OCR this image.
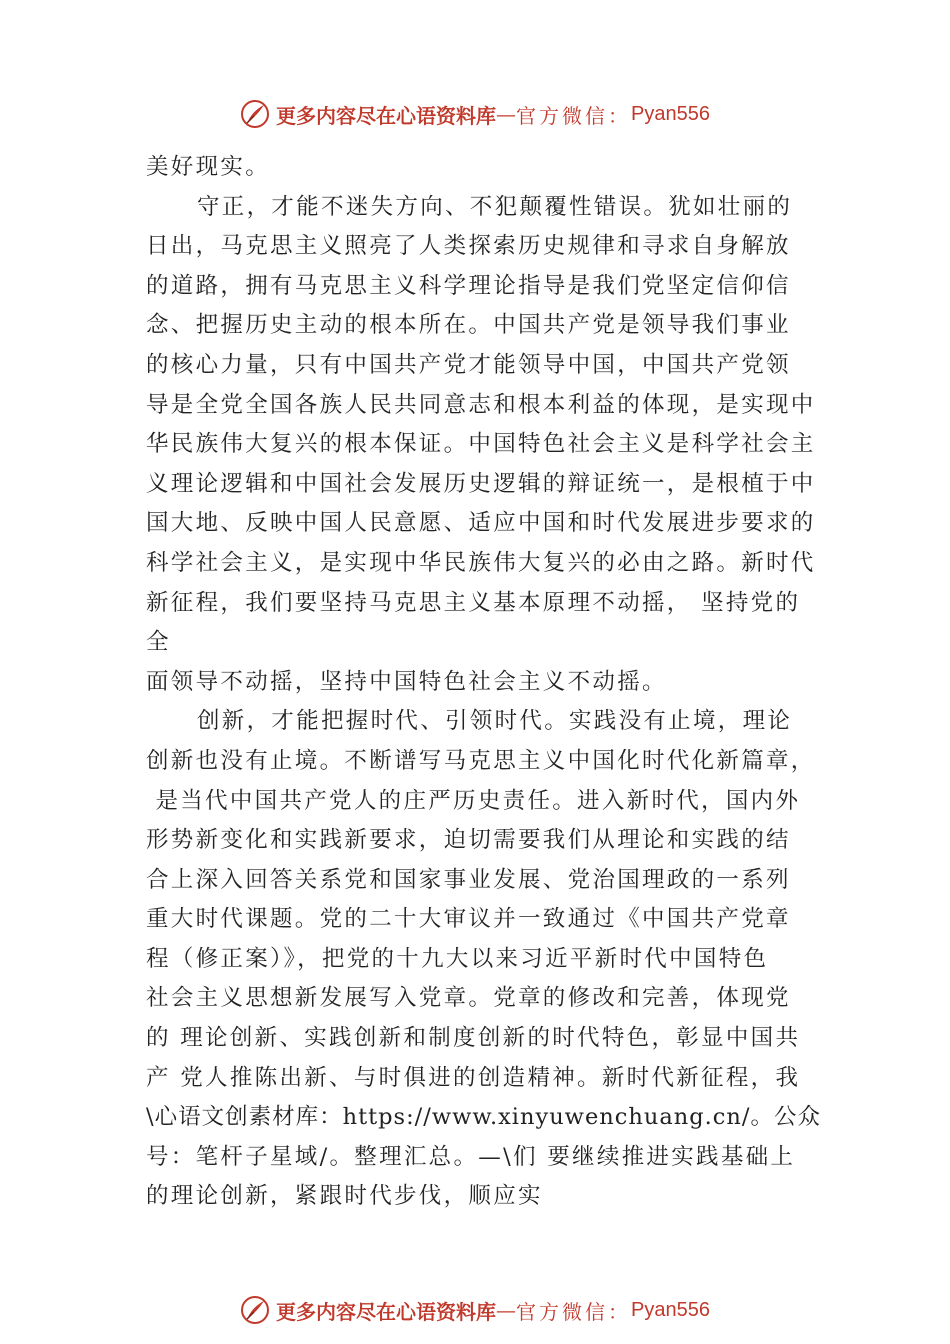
更多内容尽在心语资料库 — 官方微信： Pyan556

美好现实。

守正，才能不迷失方向、不犯颠覆性错误。犹如壮丽的

日出，马克思主义照亮了人类探索历史规律和寻求自身解放

的道路，拥有马克思主义科学理论指导是我们党坚定信仰信

念、把握历史主动的根本所在。中国共产党是领导我们事业

的核心力量，只有中国共产党才能领导中国，中国共产党领

导是全党全国各族人民共同意志和根本利益的体现，是实现中

华民族伟大复兴的根本保证。中国特色社会主义是科学社会主

义理论逻辑和中国社会发展历史逻辑的辩证统一，是根植于中

国大地、反映中国人民意愿、适应中国和时代发展进步要求的

科学社会主义，是实现中华民族伟大复兴的必由之路。新时代

新征程，我们要坚持马克思主义基本原理不动摇， 坚持党的全

面领导不动摇，坚持中国特色社会主义不动摇。

创新，才能把握时代、引领时代。实践没有止境，理论

创新也没有止境。不断谱写马克思主义中国化时代化新篇章，

是当代中国共产党人的庄严历史责任。进入新时代，国内外

形势新变化和实践新要求，迫切需要我们从理论和实践的结

合上深入回答关系党和国家事业发展、党治国理政的一系列

重大时代课题。党的二十大审议并一致通过《中国共产党章

程（修正案）》，把党的十九大以来习近平新时代中国特色

社会主义思想新发展写入党章。党章的修改和完善，体现党

的 理论创新、实践创新和制度创新的时代特色，彰显中国共

产 党人推陈出新、与时俱进的创造精神。新时代新征程，我

\心语文创素材库：https://www.xinyuwenchuang.cn/。公众

号：笔杆子星域/。整理汇总。—\们 要继续推进实践基础上

的理论创新，紧跟时代步伐，顺应实

更多内容尽在心语资料库 — 官方微信： Pyan556
